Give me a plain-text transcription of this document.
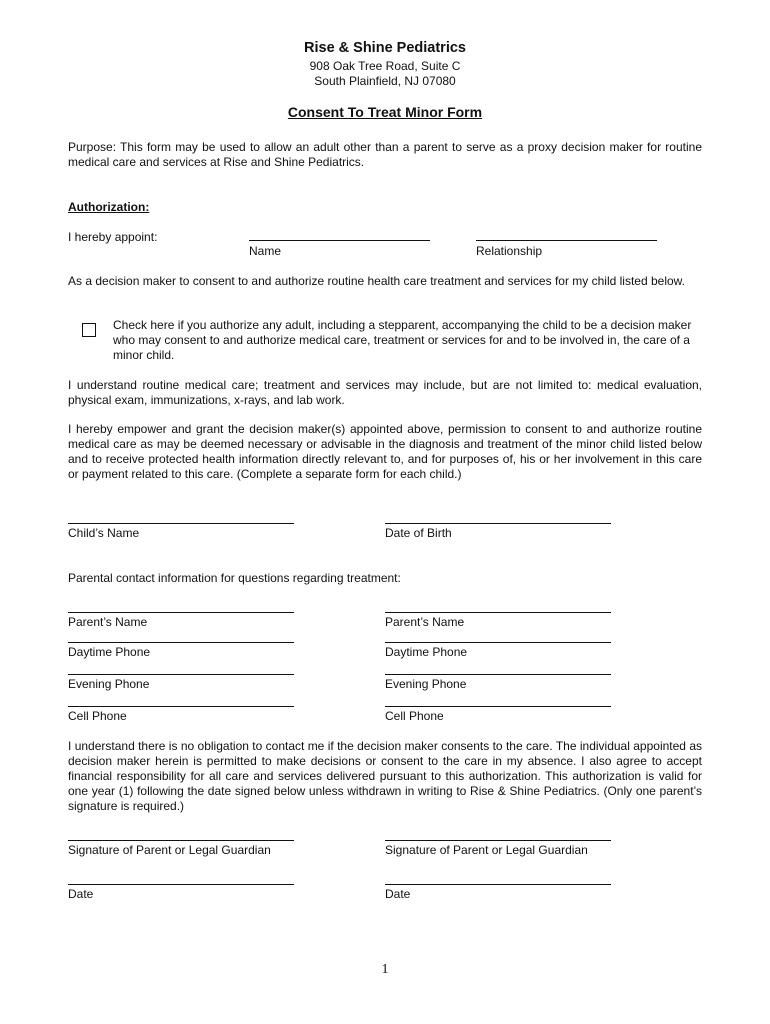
Rise & Shine Pediatrics
908 Oak Tree Road, Suite C
South Plainfield, NJ 07080
Consent To Treat Minor Form
Purpose: This form may be used to allow an adult other than a parent to serve as a proxy decision maker for routine medical care and services at Rise and Shine Pediatrics.
Authorization:
I hereby appoint:
Name	Relationship
As a decision maker to consent to and authorize routine health care treatment and services for my child listed below.
Check here if you authorize any adult, including a stepparent, accompanying the child to be a decision maker who may consent to and authorize medical care, treatment or services for and to be involved in, the care of a minor child.
I understand routine medical care; treatment and services may include, but are not limited to: medical evaluation, physical exam, immunizations, x-rays, and lab work.
I hereby empower and grant the decision maker(s) appointed above, permission to consent to and authorize routine medical care as may be deemed necessary or advisable in the diagnosis and treatment of the minor child listed below and to receive protected health information directly relevant to, and for purposes of, his or her involvement in this care or payment related to this care. (Complete a separate form for each child.)
Child’s Name	Date of Birth
Parental contact information for questions regarding treatment:
Parent’s Name	Parent’s Name
Daytime Phone	Daytime Phone
Evening Phone	Evening Phone
Cell Phone	Cell Phone
I understand there is no obligation to contact me if the decision maker consents to the care. The individual appointed as decision maker herein is permitted to make decisions or consent to the care in my absence. I also agree to accept financial responsibility for all care and services delivered pursuant to this authorization. This authorization is valid for one year (1) following the date signed below unless withdrawn in writing to Rise & Shine Pediatrics. (Only one parent’s signature is required.)
Signature of Parent or Legal Guardian	Signature of Parent or Legal Guardian
Date	Date
1
